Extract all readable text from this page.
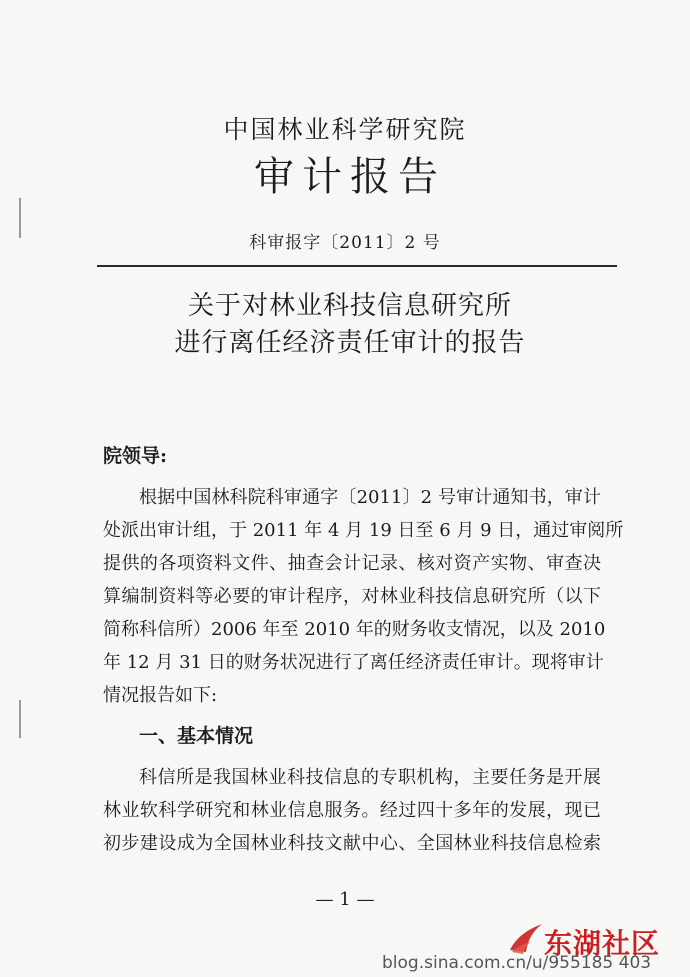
中国林业科学研究院
审计报告
科审报字〔2011〕2 号
关于对林业科技信息研究所
进行离任经济责任审计的报告
院领导:
根据中国林科院科审通字〔2011〕2 号审计通知书，审计
处派出审计组，于 2011 年 4 月 19 日至 6 月 9 日，通过审阅所
提供的各项资料文件、抽查会计记录、核对资产实物、审查决
算编制资料等必要的审计程序，对林业科技信息研究所（以下
简称科信所）2006 年至 2010 年的财务收支情况，以及 2010
年 12 月 31 日的财务状况进行了离任经济责任审计。现将审计
情况报告如下:
一、基本情况
科信所是我国林业科技信息的专职机构，主要任务是开展
林业软科学研究和林业信息服务。经过四十多年的发展，现已
初步建设成为全国林业科技文献中心、全国林业科技信息检索
— 1 —
东湖社区
blog.sina.com.cn/u/955185 403
